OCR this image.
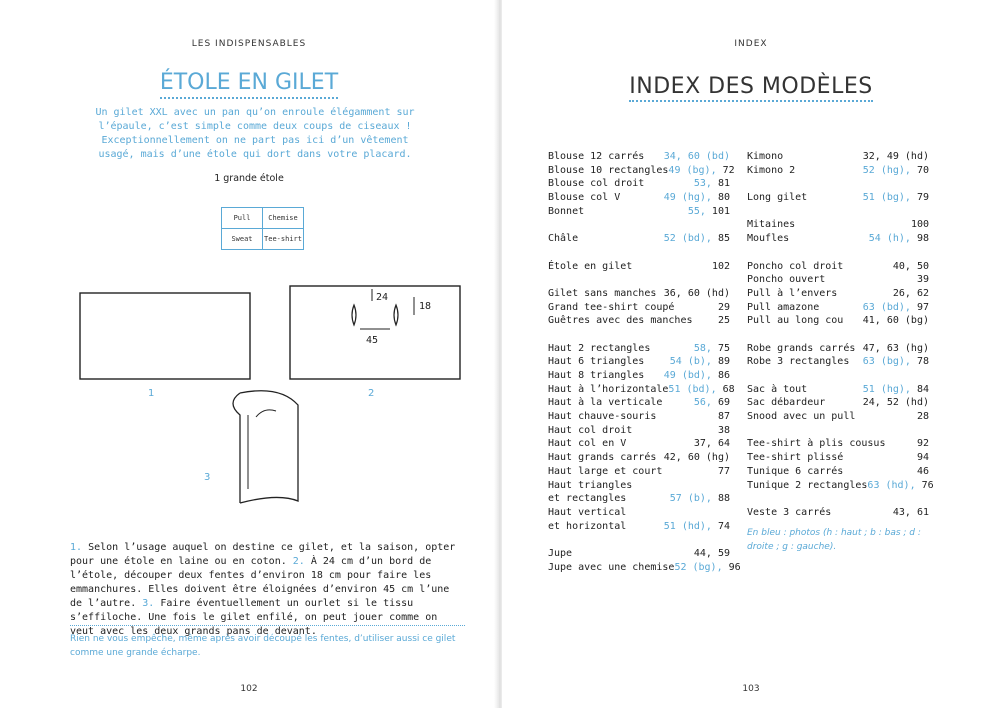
LES INDISPENSABLES
ÉTOLE EN GILET
Un gilet XXL avec un pan qu’on enroule élégamment sur l’épaule, c’est simple comme deux coups de ciseaux ! Exceptionnellement on ne part pas ici d’un vêtement usagé, mais d’une étole qui dort dans votre placard.
1 grande étole
Pull	Chemise
Sweat	Tee-shirt
1
24
18
45
2
3
1. Selon l’usage auquel on destine ce gilet, et la saison, opter pour une étole en laine ou en coton. 2. À 24 cm d’un bord de l’étole, découper deux fentes d’environ 18 cm pour faire les emmanchures. Elles doivent être éloignées d’environ 45 cm l’une de l’autre. 3. Faire éventuellement un ourlet si le tissu s’effiloche. Une fois le gilet enfilé, on peut jouer comme on veut avec les deux grands pans de devant.
Rien ne vous empêche, même après avoir découpé les fentes, d’utiliser aussi ce gilet comme une grande écharpe.
102
INDEX
INDEX DES MODÈLES
Blouse 12 carrés 34, 60 (bd)
Blouse 10 rectangles 49 (bg), 72
Blouse col droit	53, 81
Blouse col V	49 (hg), 80
Bonnet	55, 101
Châle	52 (bd), 85
Étole en gilet	102
Gilet sans manches 36, 60 (hd)
Grand tee-shirt coupé	29
Guêtres avec des manches	25
Haut 2 rectangles	58, 75
Haut 6 triangles	54 (b), 89
Haut 8 triangles 49 (bd), 86
Haut à l’horizontale 51 (bd), 68
Haut à la verticale	56, 69
Haut chauve-souris	87
Haut col droit	38
Haut col en V	37, 64
Haut grands carrés 42, 60 (hg)
Haut large et court	77
Haut triangles
et rectangles	57 (b), 88
Haut vertical
et horizontal	51 (hd), 74
Jupe	44, 59
Jupe avec une chemise 52 (bg), 96
Kimono	32, 49 (hd)
Kimono 2	52 (hg), 70
Long gilet	51 (bg), 79
Mitaines	100
Moufles	54 (h), 98
Poncho col droit	40, 50
Poncho ouvert	39
Pull à l’envers	26, 62
Pull amazone	63 (bd), 97
Pull au long cou 41, 60 (bg)
Robe grands carrés 47, 63 (hg)
Robe 3 rectangles 63 (bg), 78
Sac à tout	51 (hg), 84
Sac débardeur	24, 52 (hd)
Snood avec un pull	28
Tee-shirt à plis cousus	92
Tee-shirt plissé	94
Tunique 6 carrés	46
Tunique 2 rectangles 63 (hd), 76
Veste 3 carrés	43, 61
En bleu : photos (h : haut ; b : bas ; d : droite ; g : gauche).
103
